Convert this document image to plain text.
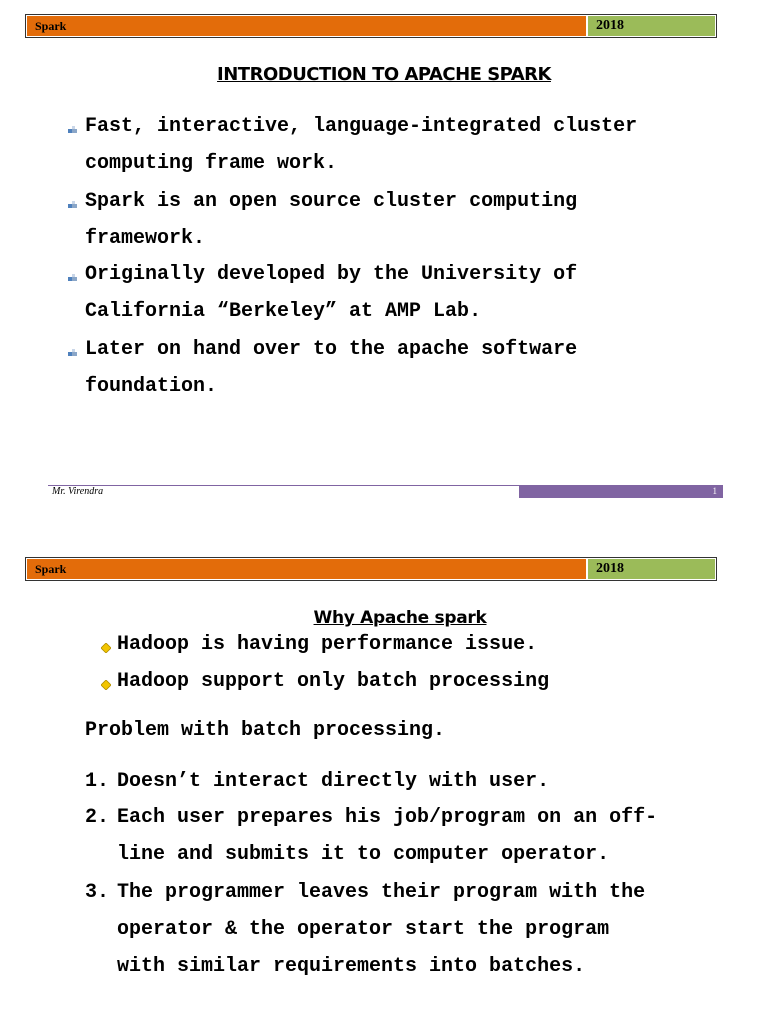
Spark	2018
INTRODUCTION TO APACHE SPARK
Fast, interactive, language-integrated cluster
computing frame work.
Spark is an open source cluster computing
framework.
Originally developed by the University of
California “Berkeley” at AMP Lab.
Later on hand over to the apache software
foundation.
Mr. Virendra	1
Spark	2018
Why Apache spark
Hadoop is having performance issue.
Hadoop support only batch processing
Problem with batch processing.
1. Doesn’t interact directly with user.
2. Each user prepares his job/program on an off-
line and submits it to computer operator.
3. The programmer leaves their program with the
operator & the operator start the program
with similar requirements into batches.
